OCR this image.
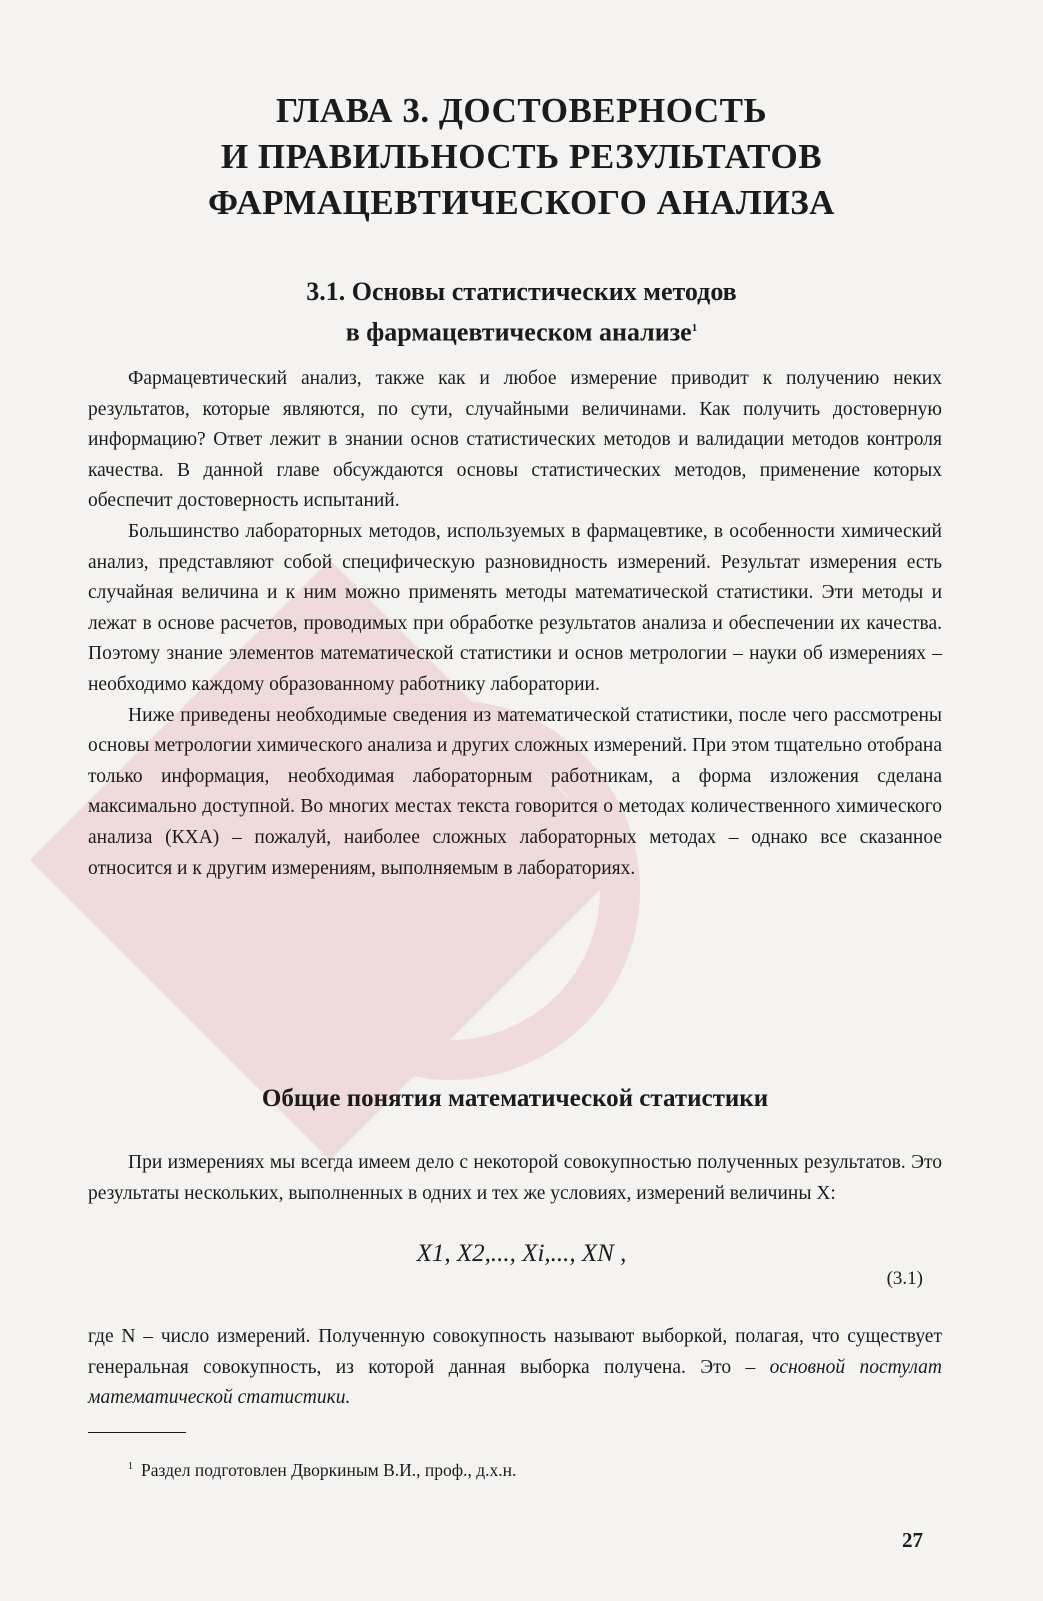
ГЛАВА 3. ДОСТОВЕРНОСТЬ
И ПРАВИЛЬНОСТЬ РЕЗУЛЬТАТОВ
ФАРМАЦЕВТИЧЕСКОГО АНАЛИЗА
3.1. Основы статистических методов
в фармацевтическом анализе$^1$

Фармацевтический анализ, также как и любое измерение приводит к получению неких результатов, которые являются, по сути, случайными величинами. Как получить достоверную информацию? Ответ лежит в знании основ статистических методов и валидации методов контроля качества. В данной главе обсуждаются основы статистических методов, применение которых обеспечит достоверность испытаний.

Большинство лабораторных методов, используемых в фармацевтике, в особенности химический анализ, представляют собой специфическую разновидность измерений. Результат измерения есть случайная величина и к ним можно применять методы математической статистики. Эти методы и лежат в основе расчетов, проводимых при обработке результатов анализа и обеспечении их качества. Поэтому знание элементов математической статистики и основ метрологии – науки об измерениях – необходимо каждому образованному работнику лаборатории.

Ниже приведены необходимые сведения из математической статистики, после чего рассмотрены основы метрологии химического анализа и других сложных измерений. При этом тщательно отобрана только информация, необходимая лабораторным работникам, а форма изложения сделана максимально доступной. Во многих местах текста говорится о методах количественного химического анализа (КХА) – пожалуй, наиболее сложных лабораторных методах – однако все сказанное относится и к другим измерениям, выполняемым в лабораториях.

Общие понятия математической статистики

При измерениях мы всегда имеем дело с некоторой совокупностью полученных результатов. Это результаты нескольких, выполненных в одних и тех же условиях, измерений величины X:

X1, X2,..., Xi,..., XN ,
(3.1)

где N – число измерений. Полученную совокупность называют выборкой, полагая, что существует генеральная совокупность, из которой данная выборка получена. Это – основной постулат математической статистики.

$^1$ Раздел подготовлен Дворкиным В.И., проф., д.х.н.
27
